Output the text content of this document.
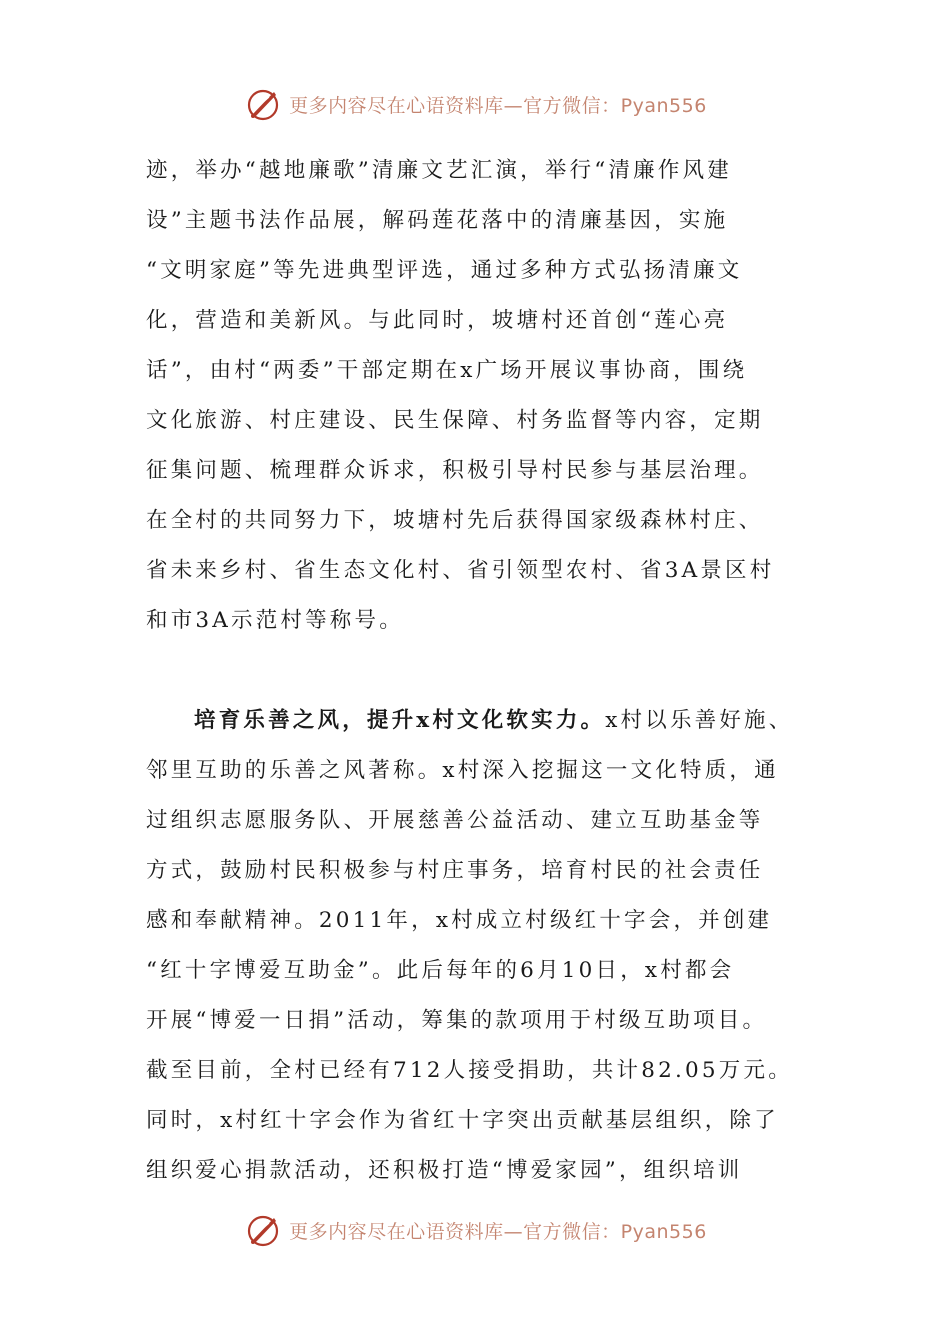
更多内容尽在心语资料库—官方微信：Pyan556
迹，举办“越地廉歌”清廉文艺汇演，举行“清廉作风建
设”主题书法作品展，解码莲花落中的清廉基因，实施
“文明家庭”等先进典型评选，通过多种方式弘扬清廉文
化，营造和美新风。与此同时，坡塘村还首创“莲心亮
话”，由村“两委”干部定期在x广场开展议事协商，围绕
文化旅游、村庄建设、民生保障、村务监督等内容，定期
征集问题、梳理群众诉求，积极引导村民参与基层治理。
在全村的共同努力下，坡塘村先后获得国家级森林村庄、
省未来乡村、省生态文化村、省引领型农村、省3A景区村
和市3A示范村等称号。
培育乐善之风，提升x村文化软实力。x村以乐善好施、
邻里互助的乐善之风著称。x村深入挖掘这一文化特质，通
过组织志愿服务队、开展慈善公益活动、建立互助基金等
方式，鼓励村民积极参与村庄事务，培育村民的社会责任
感和奉献精神。2011年，x村成立村级红十字会，并创建
“红十字博爱互助金”。此后每年的6月10日，x村都会
开展“博爱一日捐”活动，筹集的款项用于村级互助项目。
截至目前，全村已经有712人接受捐助，共计82.05万元。
同时，x村红十字会作为省红十字突出贡献基层组织，除了
组织爱心捐款活动，还积极打造“博爱家园”，组织培训
更多内容尽在心语资料库—官方微信：Pyan556
